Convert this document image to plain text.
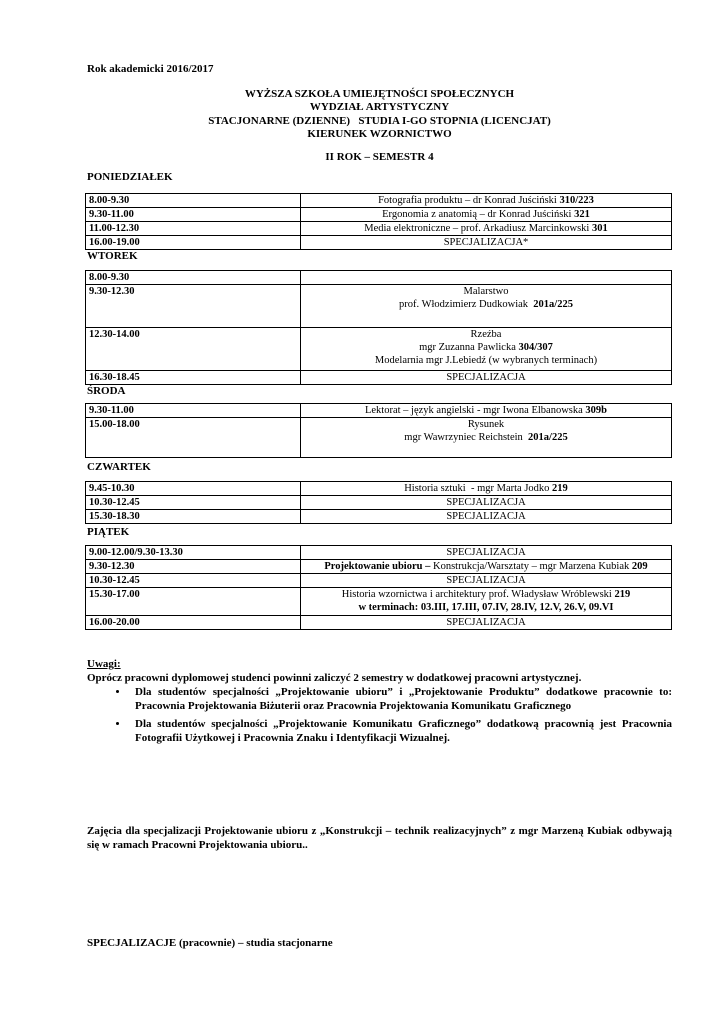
Rok akademicki 2016/2017
WYŻSZA SZKOŁA UMIEJĘTNOŚCI SPOŁECZNYCH
WYDZIAŁ ARTYSTYCZNY
STACJONARNE (DZIENNE)   STUDIA I-GO STOPNIA (LICENCJAT)
KIERUNEK WZORNICTWO
II ROK – SEMESTR 4
PONIEDZIAŁEK
8.00-9.30	Fotografia produktu – dr Konrad Juściński 310/223

9.30-11.00	Ergonomia z anatomią – dr Konrad Juściński 321

11.00-12.30	Media elektroniczne – prof. Arkadiusz Marcinkowski 301

16.00-19.00	SPECJALIZACJA*
WTOREK
8.00-9.30	

9.30-12.30	Malarstwo
prof. Włodzimierz Dudkowiak  201a/225

12.30-14.00	Rzeźba
mgr Zuzanna Pawlicka 304/307
Modelarnia mgr J.Lebiedź (w wybranych terminach)

16.30-18.45	SPECJALIZACJA
ŚRODA
9.30-11.00	Lektorat – język angielski - mgr Iwona Elbanowska 309b

15.00-18.00	Rysunek
mgr Wawrzyniec Reichstein  201a/225
CZWARTEK
9.45-10.30	Historia sztuki  - mgr Marta Jodko 219

10.30-12.45	SPECJALIZACJA

15.30-18.30	SPECJALIZACJA
PIĄTEK
9.00-12.00/9.30-13.30	SPECJALIZACJA

9.30-12.30	Projektowanie ubioru – Konstrukcja/Warsztaty – mgr Marzena Kubiak 209

10.30-12.45	SPECJALIZACJA

15.30-17.00	Historia wzornictwa i architektury prof. Władysław Wróblewski 219
w terminach: 03.III, 17.III, 07.IV, 28.IV, 12.V, 26.V, 09.VI

16.00-20.00	SPECJALIZACJA
Uwagi:
Oprócz pracowni dyplomowej studenci powinni zaliczyć 2 semestry w dodatkowej pracowni artystycznej.
• Dla studentów specjalności „Projektowanie ubioru” i „Projektowanie Produktu” dodatkowe pracownie to: Pracownia Projektowania Biżuterii oraz Pracownia Projektowania Komunikatu Graficznego
• Dla studentów specjalności „Projektowanie Komunikatu Graficznego” dodatkową pracownią jest Pracownia Fotografii Użytkowej i Pracownia Znaku i Identyfikacji Wizualnej.
Zajęcia dla specjalizacji Projektowanie ubioru z „Konstrukcji – technik realizacyjnych” z mgr Marzeną Kubiak odbywają się w ramach Pracowni Projektowania ubioru..
SPECJALIZACJE (pracownie) – studia stacjonarne
